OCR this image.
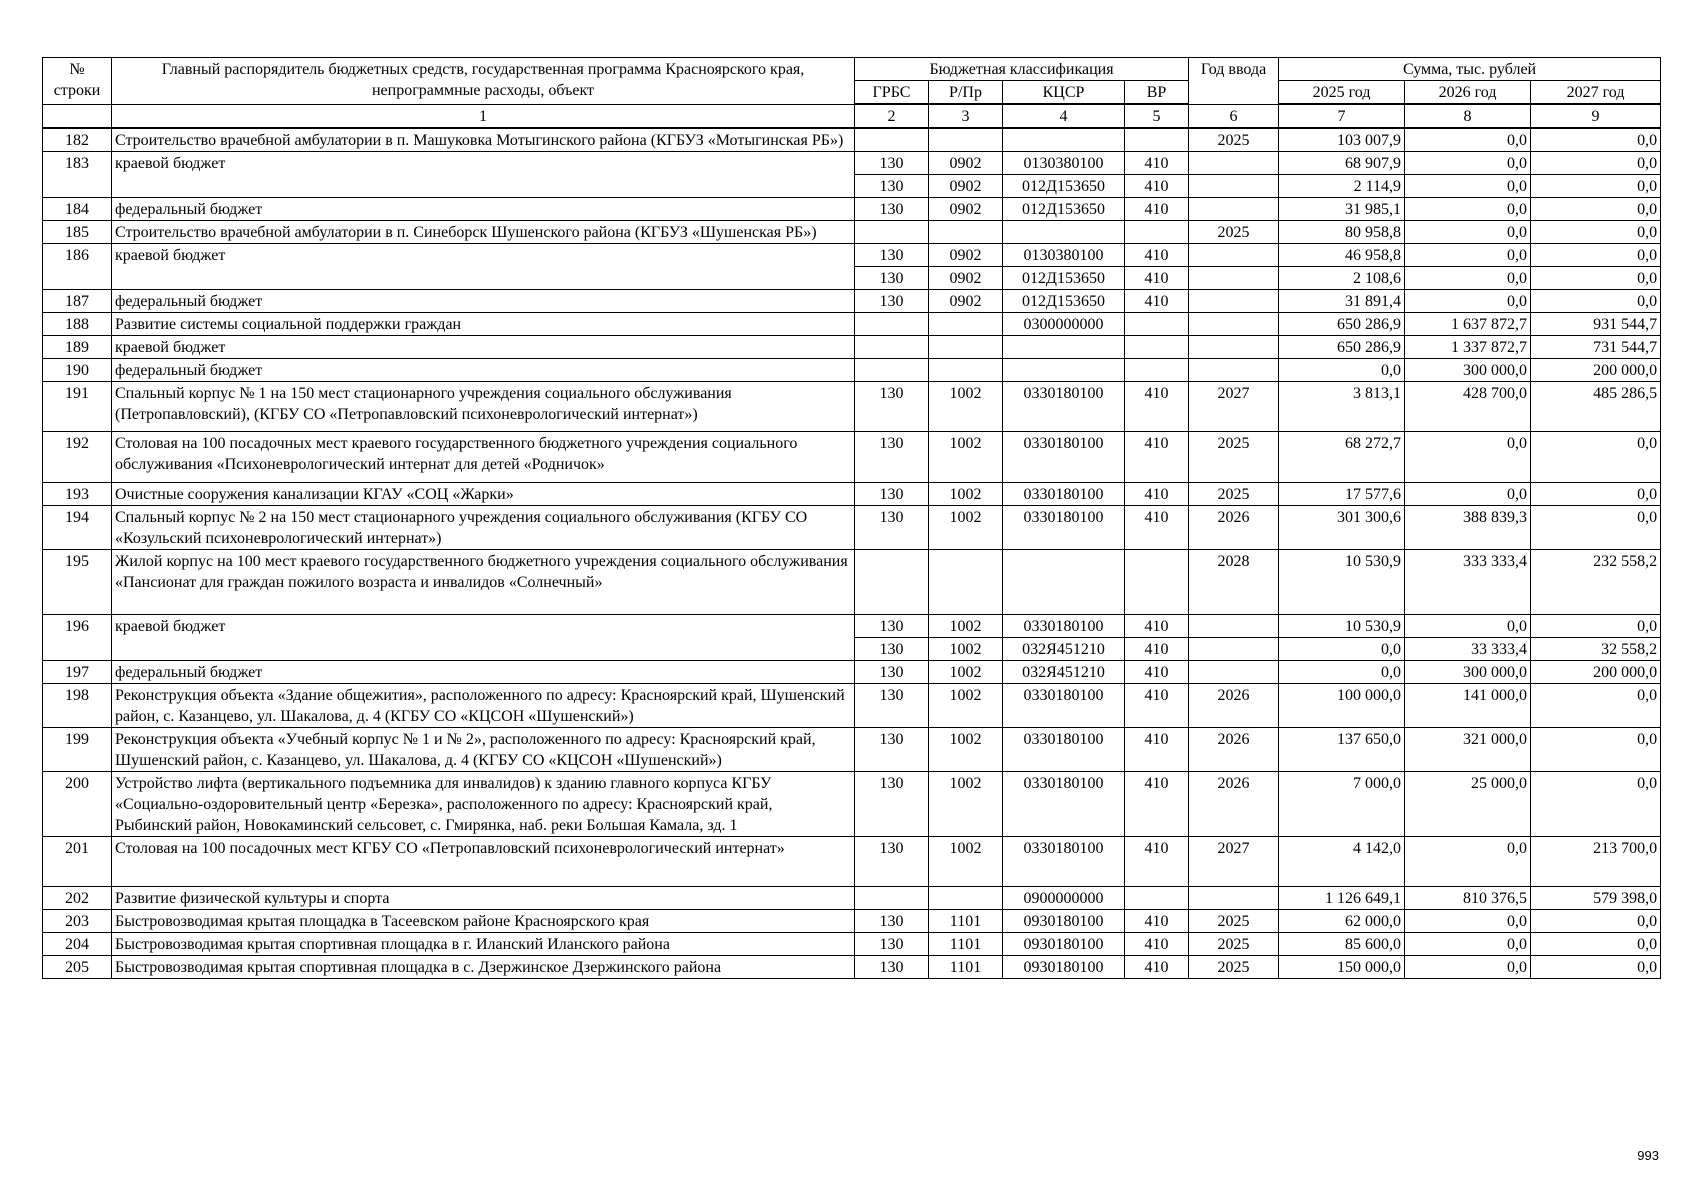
№ строки	Главный распорядитель бюджетных средств, государственная программа Красноярского края, непрограммные расходы, объект	Бюджетная классификация				Год ввода	Сумма, тыс. рублей		
		ГРБС	Р/Пр	КЦСР	ВР		2025 год	2026 год	2027 год
	1	2	3	4	5	6	7	8	9
182	Строительство врачебной амбулатории в п. Машуковка Мотыгинского района (КГБУЗ «Мотыгинская РБ»)					2025	103 007,9	0,0	0,0
183	краевой бюджет	130	0902	0130380100	410		68 907,9	0,0	0,0
		130	0902	012Д153650	410		2 114,9	0,0	0,0
184	федеральный бюджет	130	0902	012Д153650	410		31 985,1	0,0	0,0
185	Строительство врачебной амбулатории в п. Синеборск Шушенского района (КГБУЗ «Шушенская РБ»)					2025	80 958,8	0,0	0,0
186	краевой бюджет	130	0902	0130380100	410		46 958,8	0,0	0,0
		130	0902	012Д153650	410		2 108,6	0,0	0,0
187	федеральный бюджет	130	0902	012Д153650	410		31 891,4	0,0	0,0
188	Развитие системы социальной поддержки граждан			0300000000			650 286,9	1 637 872,7	931 544,7
189	краевой бюджет						650 286,9	1 337 872,7	731 544,7
190	федеральный бюджет						0,0	300 000,0	200 000,0
191	Спальный корпус № 1 на 150 мест стационарного учреждения социального обслуживания (Петропавловский), (КГБУ СО «Петропавловский психоневрологический интернат»)	130	1002	0330180100	410	2027	3 813,1	428 700,0	485 286,5
192	Столовая на 100 посадочных мест краевого государственного бюджетного учреждения социального обслуживания «Психоневрологический интернат для детей «Родничок»	130	1002	0330180100	410	2025	68 272,7	0,0	0,0
193	Очистные сооружения канализации КГАУ «СОЦ «Жарки»	130	1002	0330180100	410	2025	17 577,6	0,0	0,0
194	Спальный корпус № 2 на 150 мест стационарного учреждения социального обслуживания (КГБУ СО «Козульский психоневрологический интернат»)	130	1002	0330180100	410	2026	301 300,6	388 839,3	0,0
195	Жилой корпус на 100 мест краевого государственного бюджетного учреждения социального обслуживания «Пансионат для граждан пожилого возраста и инвалидов «Солнечный»					2028	10 530,9	333 333,4	232 558,2
196	краевой бюджет	130	1002	0330180100	410		10 530,9	0,0	0,0
		130	1002	032Я451210	410		0,0	33 333,4	32 558,2
197	федеральный бюджет	130	1002	032Я451210	410		0,0	300 000,0	200 000,0
198	Реконструкция объекта «Здание общежития», расположенного по адресу: Красноярский край, Шушенский район, с. Казанцево, ул. Шакалова, д. 4 (КГБУ СО «КЦСОН «Шушенский»)	130	1002	0330180100	410	2026	100 000,0	141 000,0	0,0
199	Реконструкция объекта «Учебный корпус № 1 и № 2», расположенного по адресу: Красноярский край, Шушенский район, с. Казанцево, ул. Шакалова, д. 4 (КГБУ СО «КЦСОН «Шушенский»)	130	1002	0330180100	410	2026	137 650,0	321 000,0	0,0
200	Устройство лифта (вертикального подъемника для инвалидов) к зданию главного корпуса КГБУ «Социально-оздоровительный центр «Березка», расположенного по адресу: Красноярский край, Рыбинский район, Новокаминский сельсовет, с. Гмирянка, наб. реки Большая Камала, зд. 1	130	1002	0330180100	410	2026	7 000,0	25 000,0	0,0
201	Столовая на 100 посадочных мест КГБУ СО «Петропавловский психоневрологический интернат»	130	1002	0330180100	410	2027	4 142,0	0,0	213 700,0
202	Развитие физической культуры и спорта			0900000000			1 126 649,1	810 376,5	579 398,0
203	Быстровозводимая крытая площадка в Тасеевском районе Красноярского края	130	1101	0930180100	410	2025	62 000,0	0,0	0,0
204	Быстровозводимая крытая спортивная площадка в г. Иланский Иланского района	130	1101	0930180100	410	2025	85 600,0	0,0	0,0
205	Быстровозводимая крытая спортивная площадка в с. Дзержинское Дзержинского района	130	1101	0930180100	410	2025	150 000,0	0,0	0,0
993
